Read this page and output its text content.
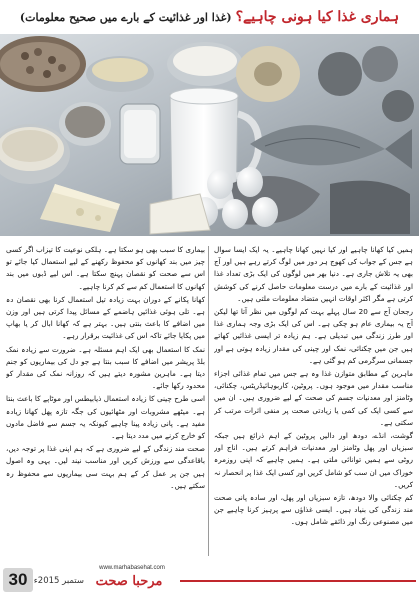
ہماری غذا کیا ہونی چاہیے؟
(غذا اور غذائیت کے بارے میں صحیح معلومات)

ہمیں کیا کھانا چاہیے اور کیا نہیں کھانا چاہیے۔ یہ ایک ایسا سوال ہے جس کے جواب کی کھوج ہر دور میں لوگ کرتے رہے ہیں اور آج بھی یہ تلاش جاری ہے۔ دنیا بھر میں لوگوں کی ایک بڑی تعداد غذا اور غذائیت کے بارے میں درست معلومات حاصل کرنے کی کوشش کرتی ہے مگر اکثر اوقات انہیں متضاد معلومات ملتی ہیں۔

رجحان آج سے 20 سال پہلے بہت کم لوگوں میں نظر آتا تھا لیکن آج یہ بیماری عام ہو چکی ہے۔ اس کی ایک بڑی وجہ ہماری غذا اور طرز زندگی میں تبدیلی ہے۔ ہم زیادہ تر ایسی غذائیں کھاتے ہیں جن میں چکنائی، نمک اور چینی کی مقدار زیادہ ہوتی ہے اور جسمانی سرگرمی کم ہو گئی ہے۔

ماہرین کے مطابق متوازن غذا وہ ہے جس میں تمام غذائی اجزاء مناسب مقدار میں موجود ہوں۔ پروٹین، کاربوہائیڈریٹس، چکنائی، وٹامنز اور معدنیات جسم کی صحت کے لیے ضروری ہیں۔ ان میں سے کسی ایک کی کمی یا زیادتی صحت پر منفی اثرات مرتب کر سکتی ہے۔

گوشت، انڈے، دودھ اور دالیں پروٹین کے اہم ذرائع ہیں جبکہ سبزیاں اور پھل وٹامنز اور معدنیات فراہم کرتے ہیں۔ اناج اور روٹی سے ہمیں توانائی ملتی ہے۔ ہمیں چاہیے کہ اپنی روزمرہ خوراک میں ان سب کو شامل کریں اور کسی ایک غذا پر انحصار نہ کریں۔

کم چکنائی والا دودھ، تازہ سبزیاں اور پھل، اور سادہ پانی صحت مند زندگی کی بنیاد ہیں۔ ایسی غذاؤں سے پرہیز کرنا چاہیے جن میں مصنوعی رنگ اور ذائقے شامل ہوں۔

بیماری کا سبب بھی ہو سکتا ہے۔ ہلکی نوعیت کا تیزاب اگر کسی چیز میں بند کھانوں کو محفوظ رکھنے کے لیے استعمال کیا جائے تو اس سے صحت کو نقصان پہنچ سکتا ہے۔ اس لیے ڈبوں میں بند کھانوں کا استعمال کم سے کم کرنا چاہیے۔

کھانا پکانے کے دوران بہت زیادہ تیل استعمال کرنا بھی نقصان دہ ہے۔ تلی ہوئی غذائیں ہاضمے کے مسائل پیدا کرتی ہیں اور وزن میں اضافے کا باعث بنتی ہیں۔ بہتر ہے کہ کھانا ابال کر یا بھاپ میں پکایا جائے تاکہ اس کی غذائیت برقرار رہے۔

نمک کا استعمال بھی ایک اہم مسئلہ ہے۔ ضرورت سے زیادہ نمک بلڈ پریشر میں اضافے کا سبب بنتا ہے جو دل کی بیماریوں کو جنم دیتا ہے۔ ماہرین مشورہ دیتے ہیں کہ روزانہ نمک کی مقدار کو محدود رکھا جائے۔

اسی طرح چینی کا زیادہ استعمال ذیابیطس اور موٹاپے کا باعث بنتا ہے۔ میٹھے مشروبات اور مٹھائیوں کی جگہ تازہ پھل کھانا زیادہ مفید ہے۔ پانی زیادہ پینا چاہیے کیونکہ یہ جسم سے فاضل مادوں کو خارج کرنے میں مدد دیتا ہے۔

صحت مند زندگی کے لیے ضروری ہے کہ ہم اپنی غذا پر توجہ دیں، باقاعدگی سے ورزش کریں اور مناسب نیند لیں۔ یہی وہ اصول ہیں جن پر عمل کر کے ہم بہت سی بیماریوں سے محفوظ رہ سکتے ہیں۔

30 ستمبر 2015ء
www.marhabasehat.com
مرحبا صحت
